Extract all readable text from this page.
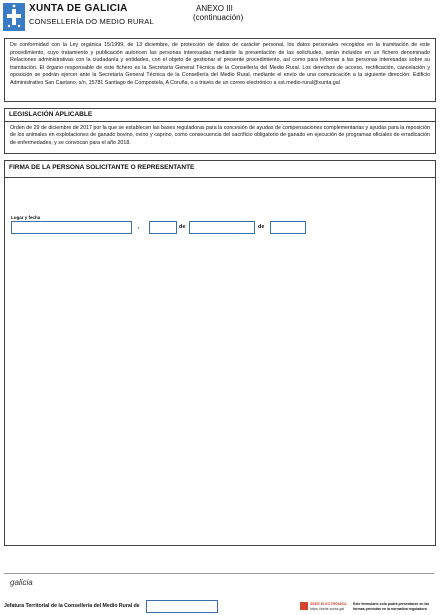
XUNTA DE GALICIA
CONSELLERÍA DO MEDIO RURAL
ANEXO III
(continuación)
De conformidad con la Ley orgánica 15/1999, de 13 diciembre, de protección de datos de carácter personal, los datos personales recogidos en la tramitación de este procedimiento, cuyo tratamiento y publicación autoricen las personas interesadas mediante la presentación de las solicitudes, serán incluidos en un fichero denominado Relaciones administrativas con la ciudadanía y entidades, con el objeto de gestionar el presente procedimiento, así como para informar a las personas interesadas sobre su tramitación. El órgano responsable de este fichero es la Secretaría General Técnica de la Consellería del Medio Rural. Los derechos de acceso, rectificación, cancelación y oposición se podrán ejercer ante la Secretaría General Técnica de la Consellería del Medio Rural, mediante el envío de una comunicación a la siguiente dirección: Edificio Administrativo San Caetano, s/n, 15781 Santiago de Compostela, A Coruña, o a través de un correo electrónico a sxt.medio-rural@xunta.gal
LEGISLACIÓN APLICABLE
Orden de 29 de diciembre de 2017 por la que se establecen las bases reguladoras para la concesión de ayudas de compensaciones complementarias y ayudas para la reposición de los animales en explotaciones de ganado bovino, ovino y caprino, como consecuencia del sacrificio obligatorio de ganado en ejecución de programas oficiales de erradicación de enfermedades, y se convocan para el año 2018.
FIRMA DE LA PERSONA SOLICITANTE O REPRESENTANTE
Lugar y fecha
,	de	de
galicia
Jefatura Territorial de la Consellería del Medio Rural de	SEDE ELECTRÓNICA
https://sede.xunta.gal
Este formulario solo podrá presentarse en las formas previstas en la normativa reguladora
